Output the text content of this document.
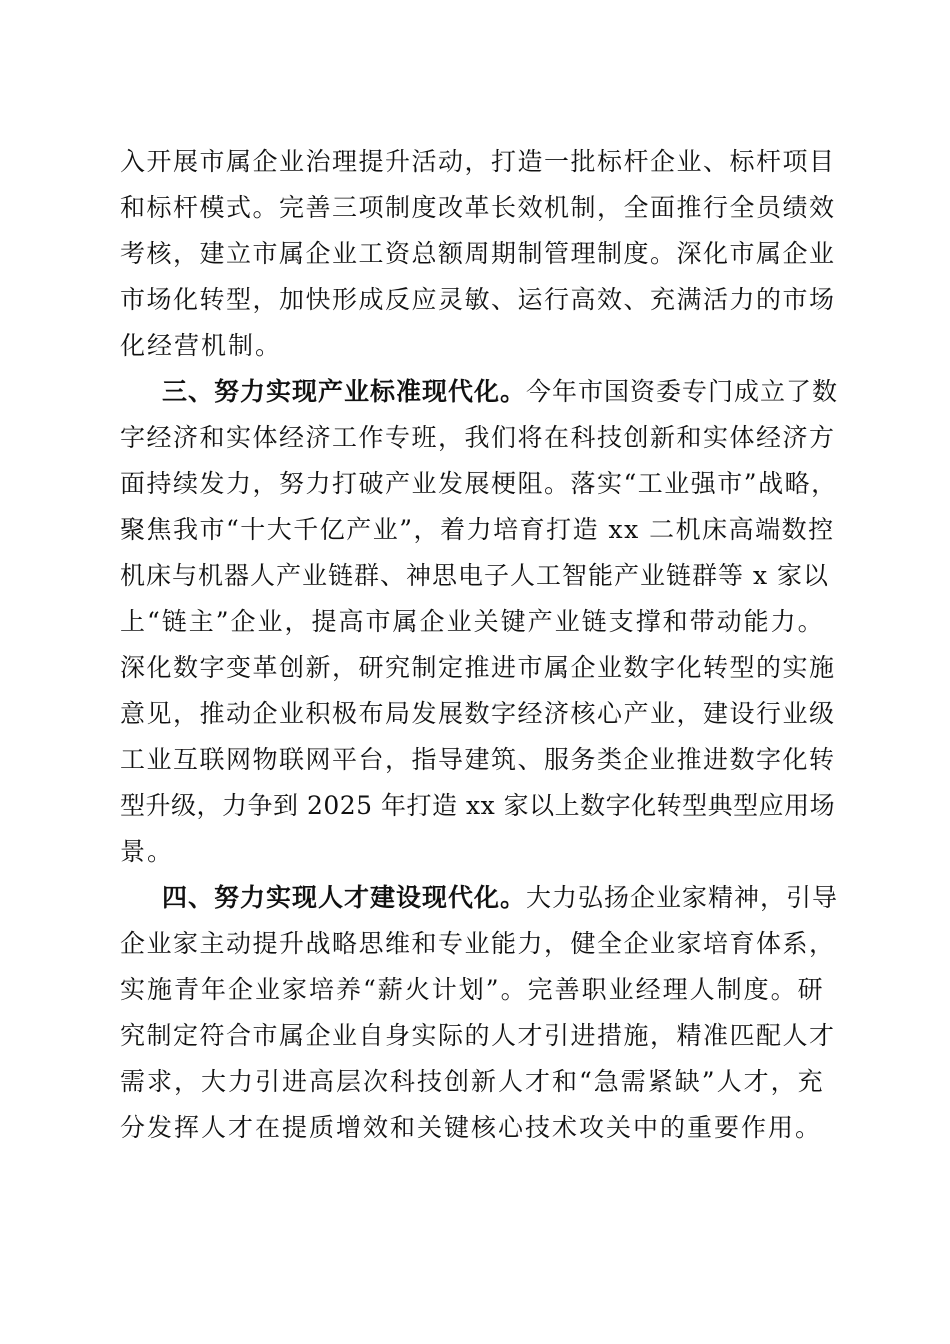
入开展市属企业治理提升活动，打造一批标杆企业、标杆项目
和标杆模式。完善三项制度改革长效机制，全面推行全员绩效
考核，建立市属企业工资总额周期制管理制度。深化市属企业
市场化转型，加快形成反应灵敏、运行高效、充满活力的市场
化经营机制。
三、努力实现产业标准现代化。今年市国资委专门成立了数
字经济和实体经济工作专班，我们将在科技创新和实体经济方
面持续发力，努力打破产业发展梗阻。落实“工业强市”战略，
聚焦我市“十大千亿产业”，着力培育打造 xx 二机床高端数控
机床与机器人产业链群、神思电子人工智能产业链群等 x 家以
上“链主”企业，提高市属企业关键产业链支撑和带动能力。
深化数字变革创新，研究制定推进市属企业数字化转型的实施
意见，推动企业积极布局发展数字经济核心产业，建设行业级
工业互联网物联网平台，指导建筑、服务类企业推进数字化转
型升级，力争到 2025 年打造 xx 家以上数字化转型典型应用场
景。
四、努力实现人才建设现代化。大力弘扬企业家精神，引导
企业家主动提升战略思维和专业能力，健全企业家培育体系，
实施青年企业家培养“薪火计划”。完善职业经理人制度。研
究制定符合市属企业自身实际的人才引进措施，精准匹配人才
需求，大力引进高层次科技创新人才和“急需紧缺”人才，充
分发挥人才在提质增效和关键核心技术攻关中的重要作用。
